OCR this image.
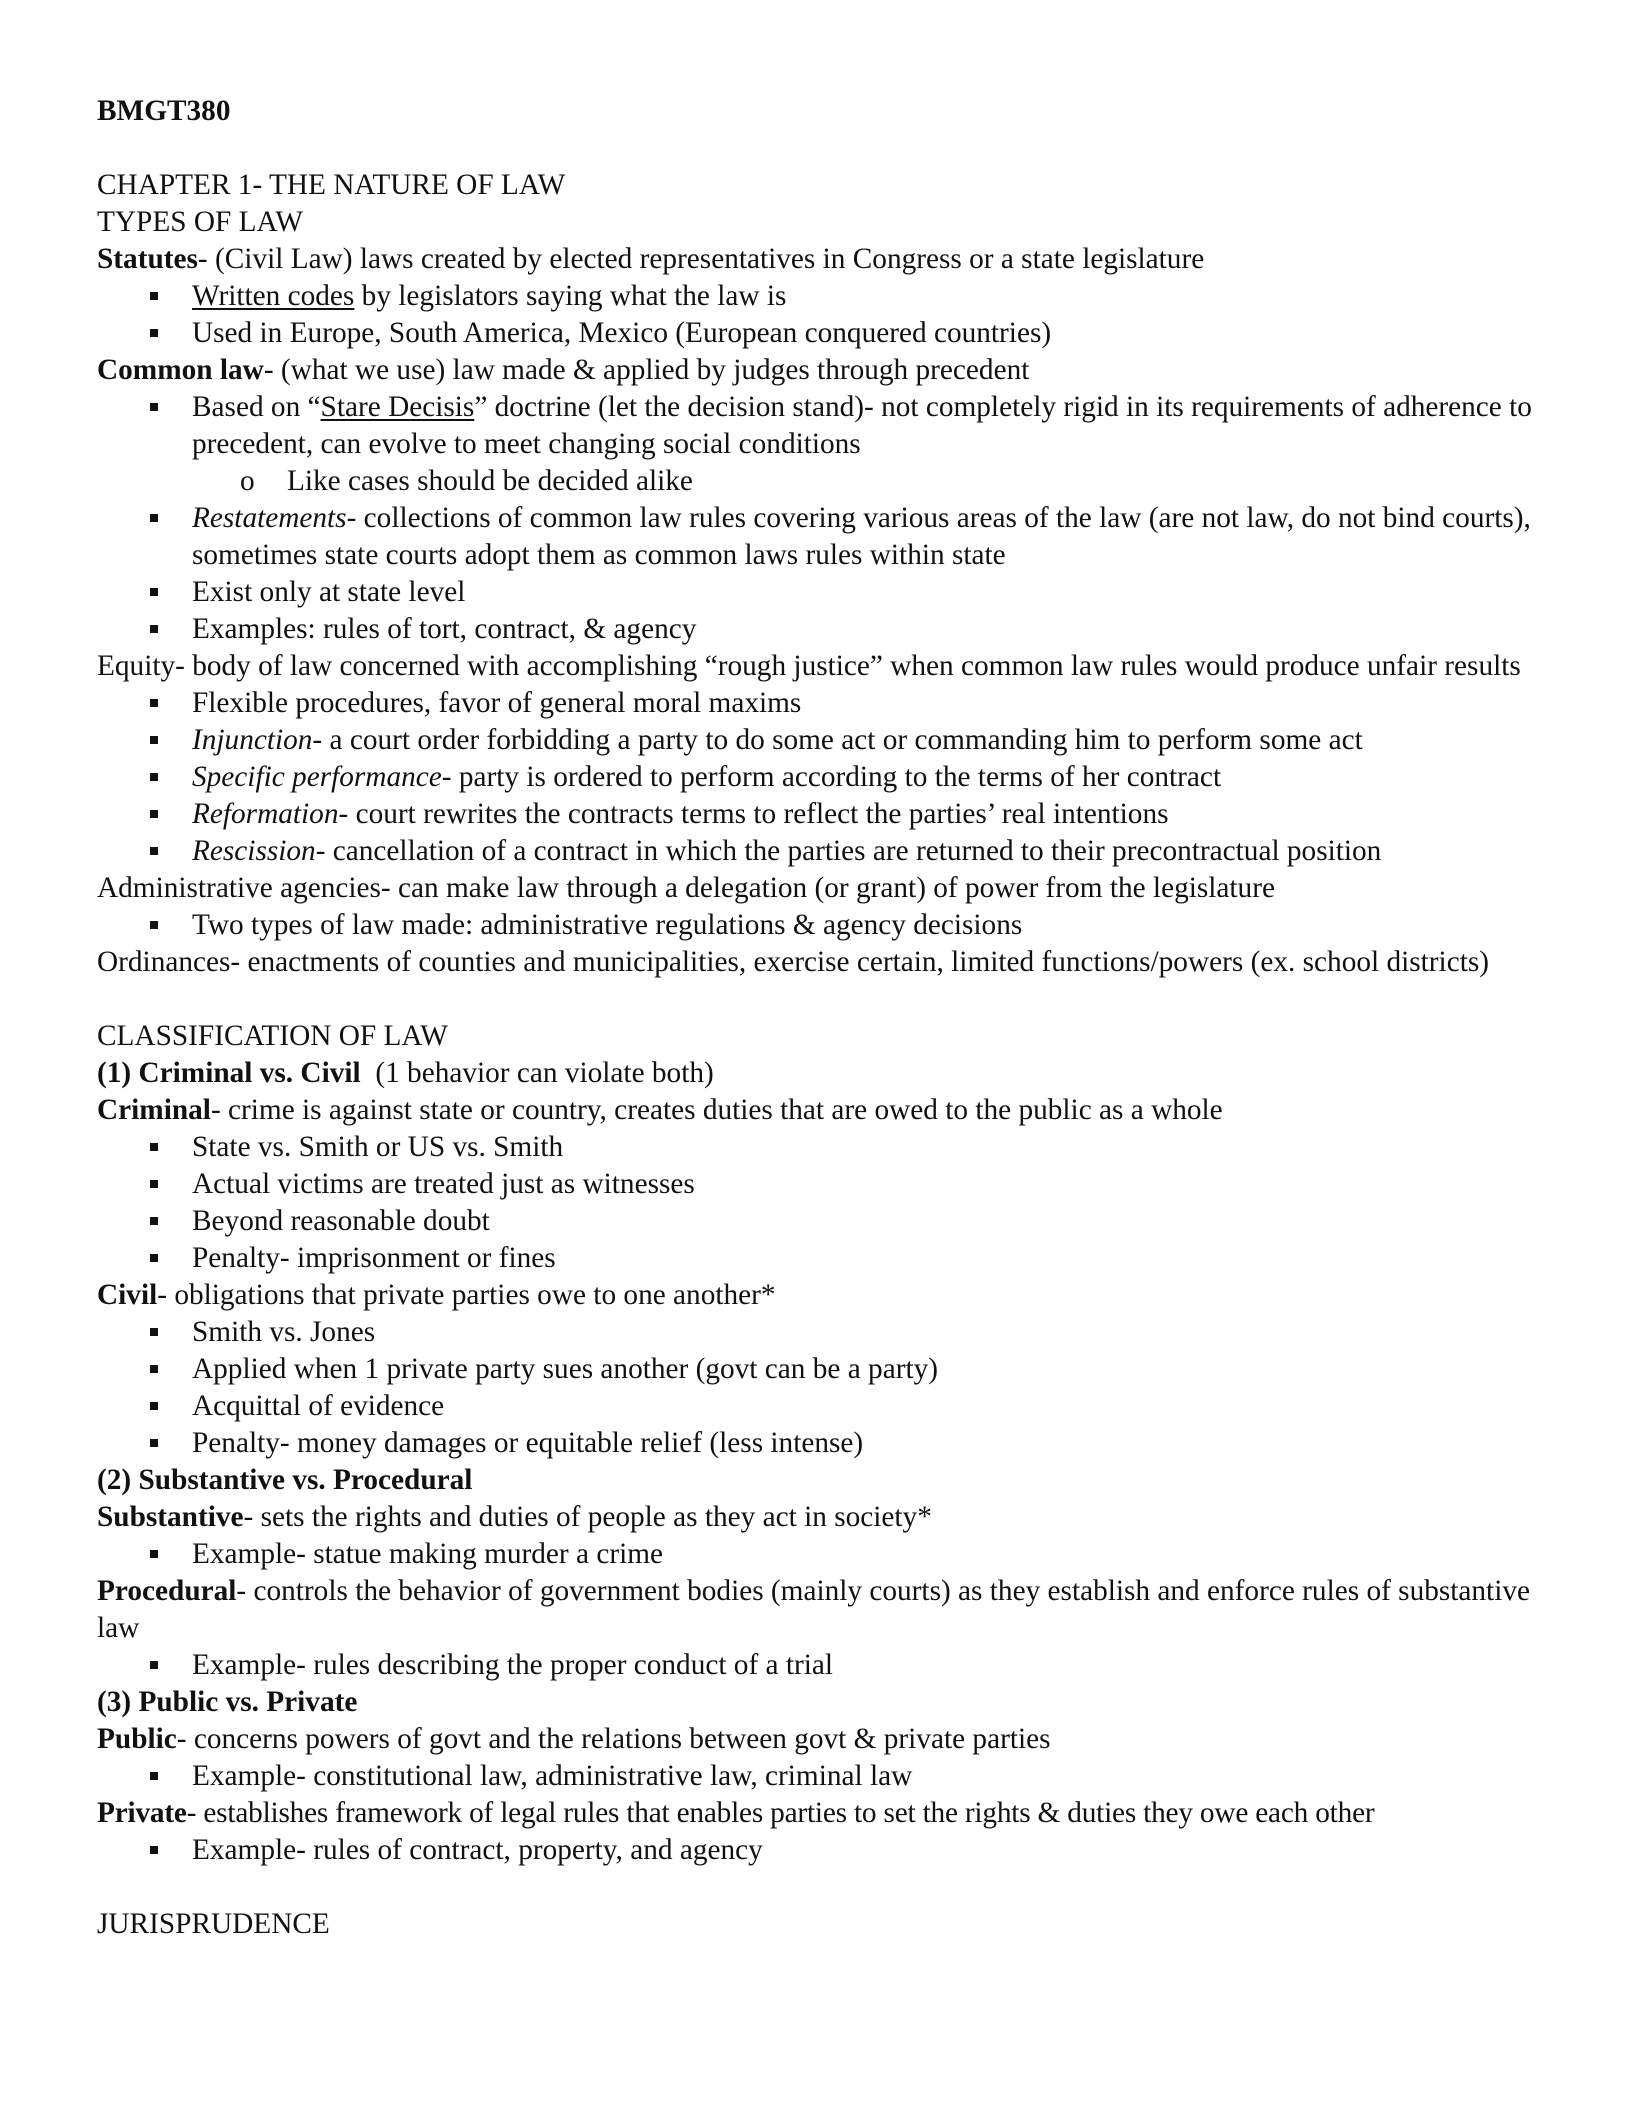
BMGT380

CHAPTER 1- THE NATURE OF LAW

TYPES OF LAW

Statutes- (Civil Law) laws created by elected representatives in Congress or a state legislature

Written codes by legislators saying what the law is
Used in Europe, South America, Mexico (European conquered countries)

Common law- (what we use) law made & applied by judges through precedent

Based on “Stare Decisis” doctrine (let the decision stand)- not completely rigid in its requirements of adherence to precedent, can evolve to meet changing social conditions
o Like cases should be decided alike
Restatements- collections of common law rules covering various areas of the law (are not law, do not bind courts), sometimes state courts adopt them as common laws rules within state
Exist only at state level
Examples: rules of tort, contract, & agency

Equity- body of law concerned with accomplishing “rough justice” when common law rules would produce unfair results

Flexible procedures, favor of general moral maxims
Injunction- a court order forbidding a party to do some act or commanding him to perform some act
Specific performance- party is ordered to perform according to the terms of her contract
Reformation- court rewrites the contracts terms to reflect the parties’ real intentions
Rescission- cancellation of a contract in which the parties are returned to their precontractual position

Administrative agencies- can make law through a delegation (or grant) of power from the legislature

Two types of law made: administrative regulations & agency decisions

Ordinances- enactments of counties and municipalities, exercise certain, limited functions/powers (ex. school districts)

CLASSIFICATION OF LAW

(1) Criminal vs. Civil  (1 behavior can violate both)

Criminal- crime is against state or country, creates duties that are owed to the public as a whole

State vs. Smith or US vs. Smith
Actual victims are treated just as witnesses
Beyond reasonable doubt
Penalty- imprisonment or fines

Civil- obligations that private parties owe to one another*

Smith vs. Jones
Applied when 1 private party sues another (govt can be a party)
Acquittal of evidence
Penalty- money damages or equitable relief (less intense)

(2) Substantive vs. Procedural

Substantive- sets the rights and duties of people as they act in society*

Example- statue making murder a crime

Procedural- controls the behavior of government bodies (mainly courts) as they establish and enforce rules of substantive law

Example- rules describing the proper conduct of a trial

(3) Public vs. Private

Public- concerns powers of govt and the relations between govt & private parties

Example- constitutional law, administrative law, criminal law

Private- establishes framework of legal rules that enables parties to set the rights & duties they owe each other

Example- rules of contract, property, and agency

JURISPRUDENCE
